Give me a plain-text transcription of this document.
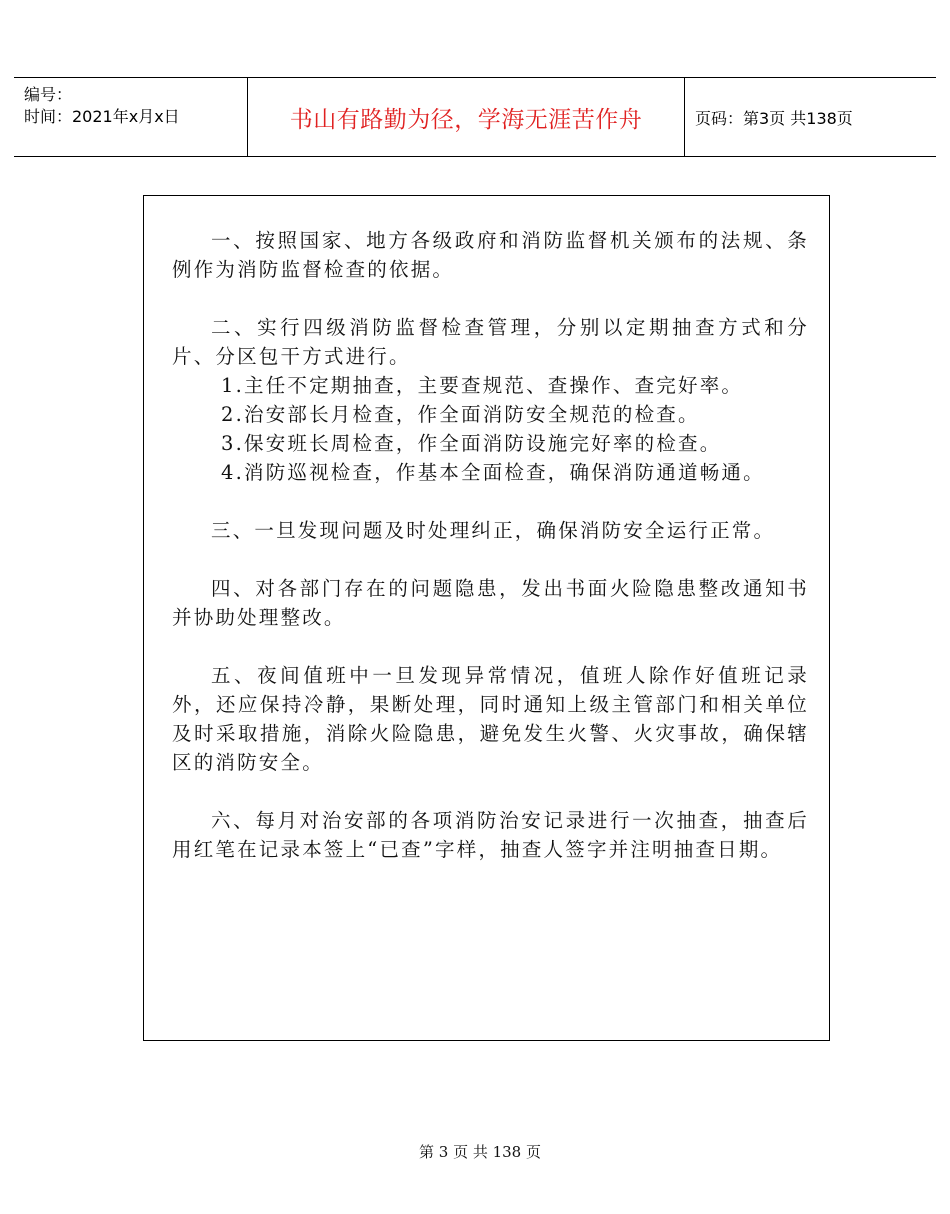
编号：
时间：2021年x月x日	书山有路勤为径，学海无涯苦作舟	页码：第3页 共138页

一、按照国家、地方各级政府和消防监督机关颁布的法规、条例作为消防监督检查的依据。

二、实行四级消防监督检查管理，分别以定期抽查方式和分片、分区包干方式进行。

1.主任不定期抽查，主要查规范、查操作、查完好率。

2.治安部长月检查，作全面消防安全规范的检查。

3.保安班长周检查，作全面消防设施完好率的检查。

4.消防巡视检查，作基本全面检查，确保消防通道畅通。

三、一旦发现问题及时处理纠正，确保消防安全运行正常。

四、对各部门存在的问题隐患，发出书面火险隐患整改通知书并协助处理整改。

五、夜间值班中一旦发现异常情况，值班人除作好值班记录外，还应保持冷静，果断处理，同时通知上级主管部门和相关单位及时采取措施，消除火险隐患，避免发生火警、火灾事故，确保辖区的消防安全。

六、每月对治安部的各项消防治安记录进行一次抽查，抽查后用红笔在记录本签上“已查”字样，抽查人签字并注明抽查日期。

第 3 页 共 138 页
